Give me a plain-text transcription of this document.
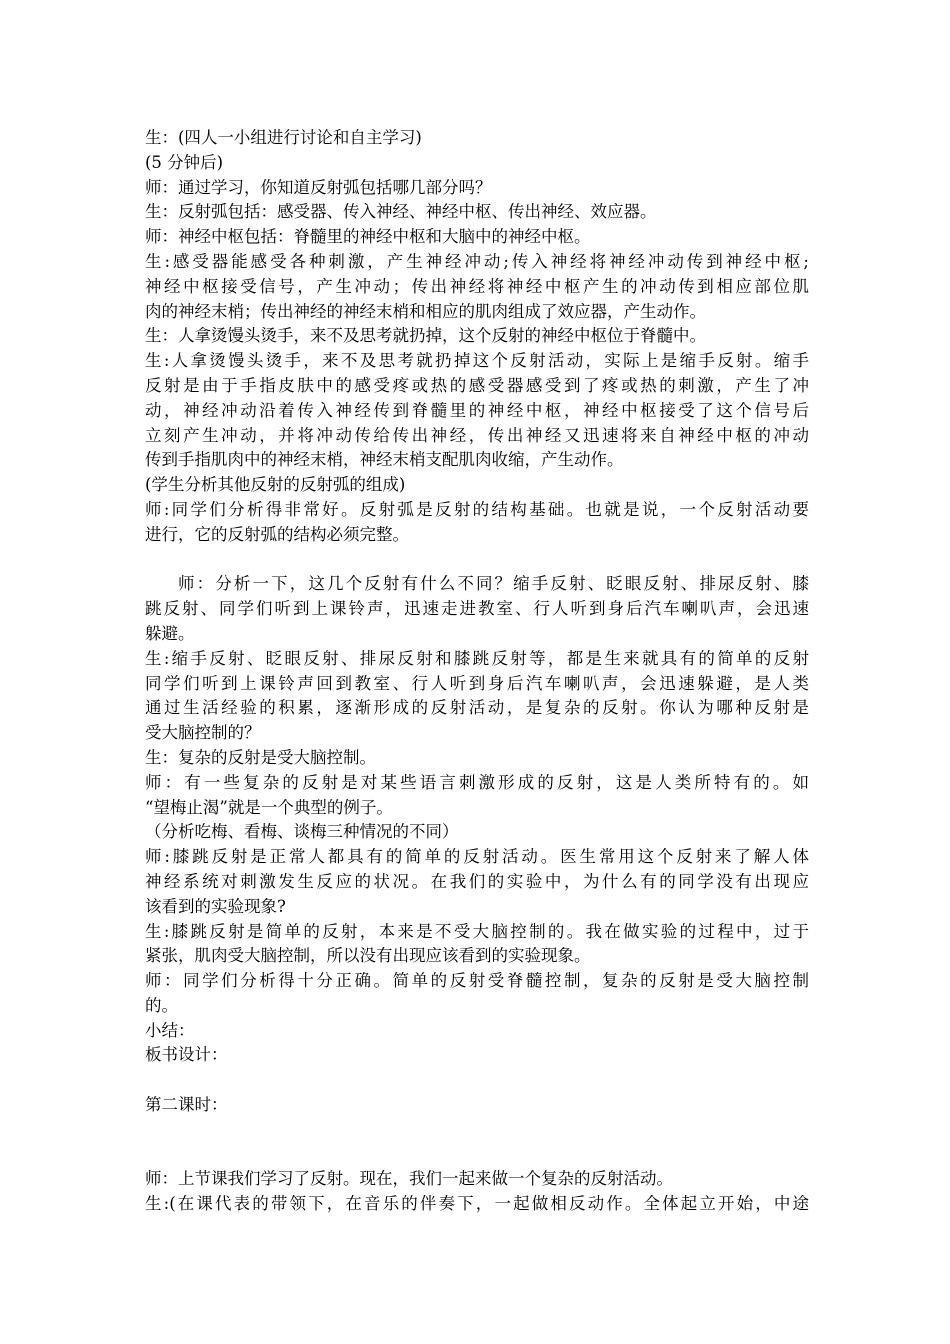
生：(四人一小组进行讨论和自主学习)
(5 分钟后)
师：通过学习，你知道反射弧包括哪几部分吗？
生：反射弧包括：感受器、传入神经、神经中枢、传出神经、效应器。
师：神经中枢包括：脊髓里的神经中枢和大脑中的神经中枢。
生:感受器能感受各种刺激，产生神经冲动;传入神经将神经冲动传到神经中枢;
神经中枢接受信号，产生冲动；传出神经将神经中枢产生的冲动传到相应部位肌
肉的神经末梢；传出神经的神经末梢和相应的肌肉组成了效应器，产生动作。
生：人拿烫馒头烫手，来不及思考就扔掉，这个反射的神经中枢位于脊髓中。
生:人拿烫馒头烫手，来不及思考就扔掉这个反射活动，实际上是缩手反射。缩手
反射是由于手指皮肤中的感受疼或热的感受器感受到了疼或热的刺激，产生了冲
动，神经冲动沿着传入神经传到脊髓里的神经中枢，神经中枢接受了这个信号后
立刻产生冲动，并将冲动传给传出神经，传出神经又迅速将来自神经中枢的冲动
传到手指肌肉中的神经末梢，神经末梢支配肌肉收缩，产生动作。
(学生分析其他反射的反射弧的组成)
师:同学们分析得非常好。反射弧是反射的结构基础。也就是说，一个反射活动要
进行，它的反射弧的结构必须完整。
师：分析一下，这几个反射有什么不同？缩手反射、眨眼反射、排尿反射、膝
跳反射、同学们听到上课铃声，迅速走进教室、行人听到身后汽车喇叭声，会迅速
躲避。
生:缩手反射、眨眼反射、排尿反射和膝跳反射等，都是生来就具有的简单的反射
同学们听到上课铃声回到教室、行人听到身后汽车喇叭声，会迅速躲避，是人类
通过生活经验的积累，逐渐形成的反射活动，是复杂的反射。你认为哪种反射是
受大脑控制的？
生：复杂的反射是受大脑控制。
师：有一些复杂的反射是对某些语言刺激形成的反射，这是人类所特有的。如
“望梅止渴”就是一个典型的例子。
（分析吃梅、看梅、谈梅三种情况的不同）
师:膝跳反射是正常人都具有的简单的反射活动。医生常用这个反射来了解人体
神经系统对刺激发生反应的状况。在我们的实验中，为什么有的同学没有出现应
该看到的实验现象?
生:膝跳反射是简单的反射，本来是不受大脑控制的。我在做实验的过程中，过于
紧张，肌肉受大脑控制，所以没有出现应该看到的实验现象。
师：同学们分析得十分正确。简单的反射受脊髓控制，复杂的反射是受大脑控制
的。
小结：
板书设计：
第二课时：
师：上节课我们学习了反射。现在，我们一起来做一个复杂的反射活动。
生:(在课代表的带领下，在音乐的伴奏下，一起做相反动作。全体起立开始，中途
